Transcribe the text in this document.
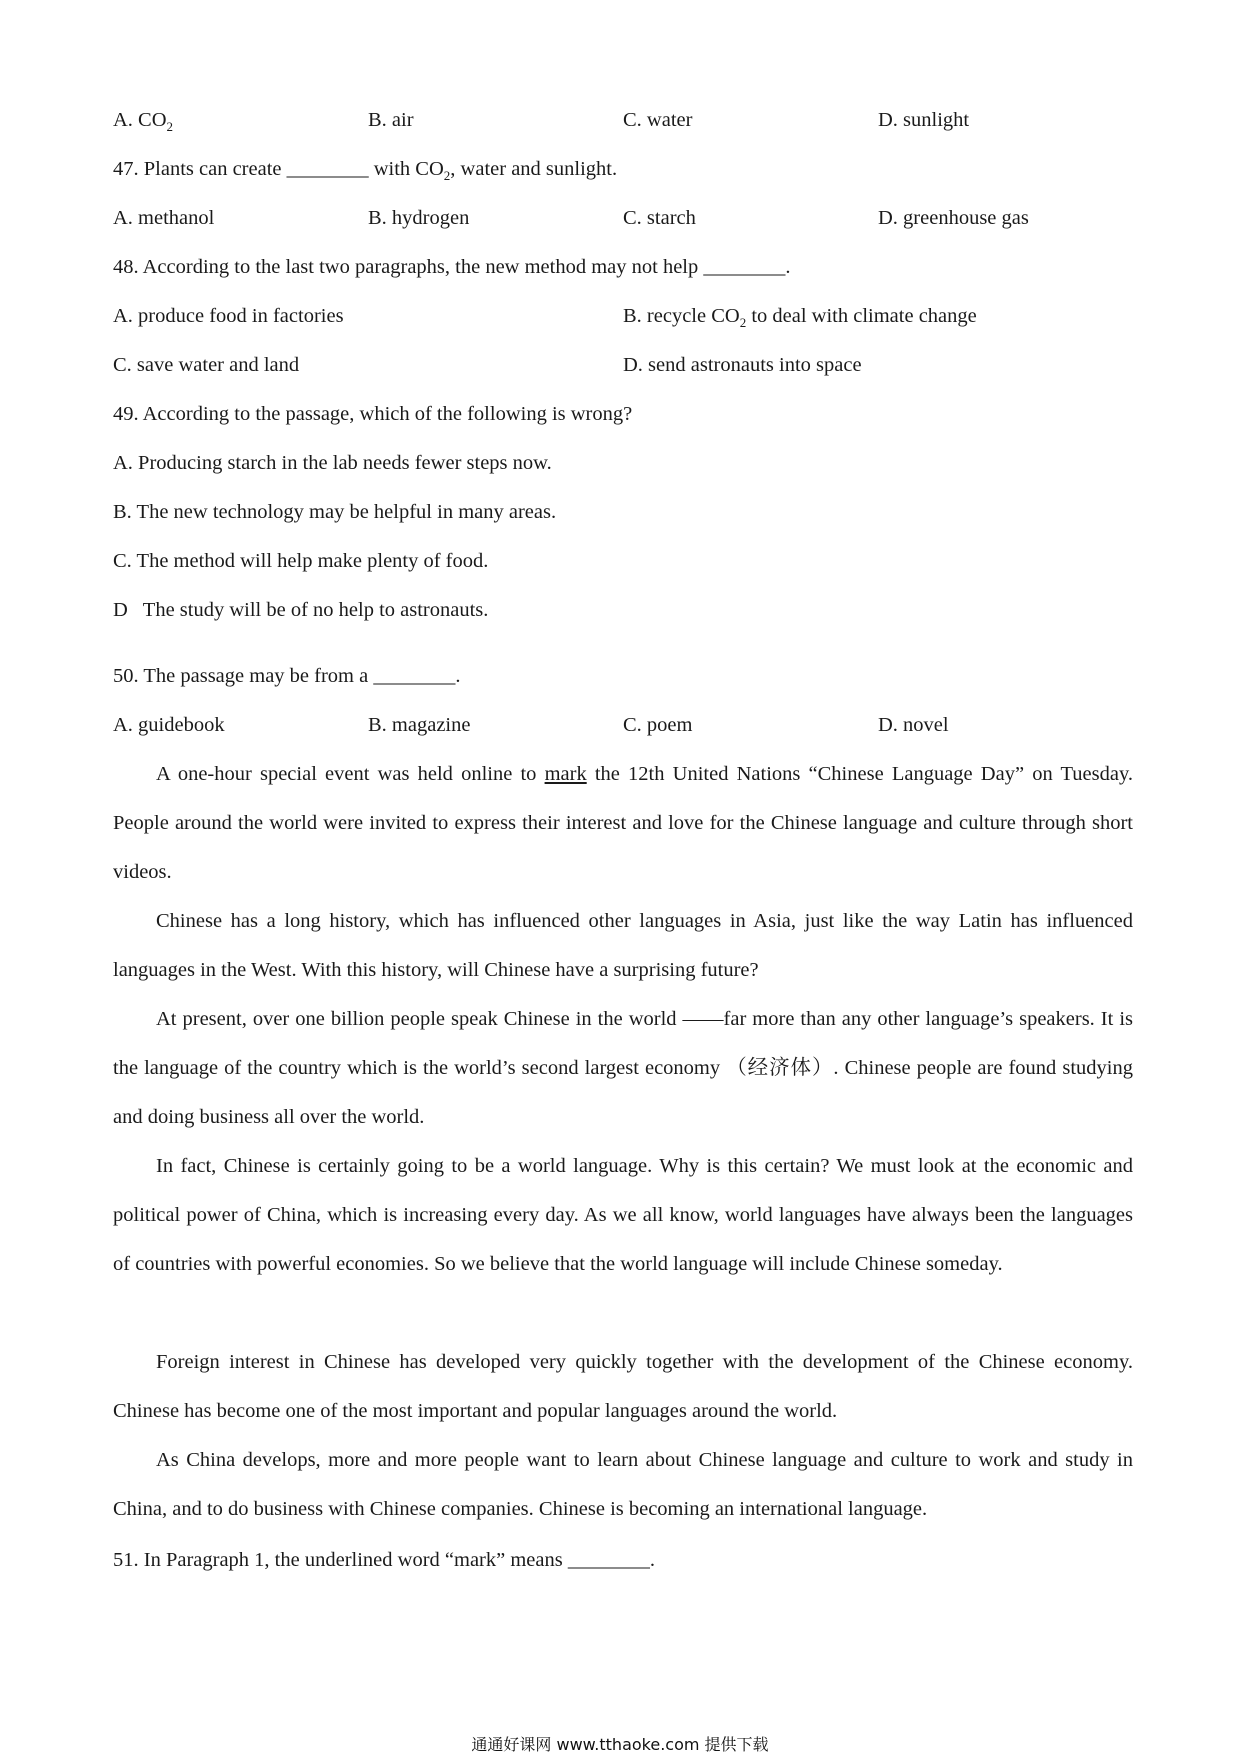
A. $CO_2$	B. air	C. water	D. sunlight
47. Plants can create ________ with $CO_2$, water and sunlight.
A. methanol	B. hydrogen	C. starch	D. greenhouse gas
48. According to the last two paragraphs, the new method may not help ________.
A. produce food in factories	B. recycle $CO_2$ to deal with climate change
C. save water and land	D. send astronauts into space
49. According to the passage, which of the following is wrong?
A. Producing starch in the lab needs fewer steps now.
B. The new technology may be helpful in many areas.
C. The method will help make plenty of food.
D   The study will be of no help to astronauts.
50. The passage may be from a ________.
A. guidebook	B. magazine	C. poem	D. novel
A one-hour special event was held online to mark the 12th United Nations “Chinese Language Day” on Tuesday. People around the world were invited to express their interest and love for the Chinese language and culture through short videos.
Chinese has a long history, which has influenced other languages in Asia, just like the way Latin has influenced languages in the West. With this history, will Chinese have a surprising future?
At present, over one billion people speak Chinese in the world ——far more than any other language’s speakers. It is the language of the country which is the world’s second largest economy （经济体）. Chinese people are found studying and doing business all over the world.
In fact, Chinese is certainly going to be a world language. Why is this certain? We must look at the economic and political power of China, which is increasing every day. As we all know, world languages have always been the languages of countries with powerful economies. So we believe that the world language will include Chinese someday.
Foreign interest in Chinese has developed very quickly together with the development of the Chinese economy. Chinese has become one of the most important and popular languages around the world.
As China develops, more and more people want to learn about Chinese language and culture to work and study in China, and to do business with Chinese companies. Chinese is becoming an international language.
51. In Paragraph 1, the underlined word “mark” means ________.
通通好课网 www.tthaoke.com 提供下载
